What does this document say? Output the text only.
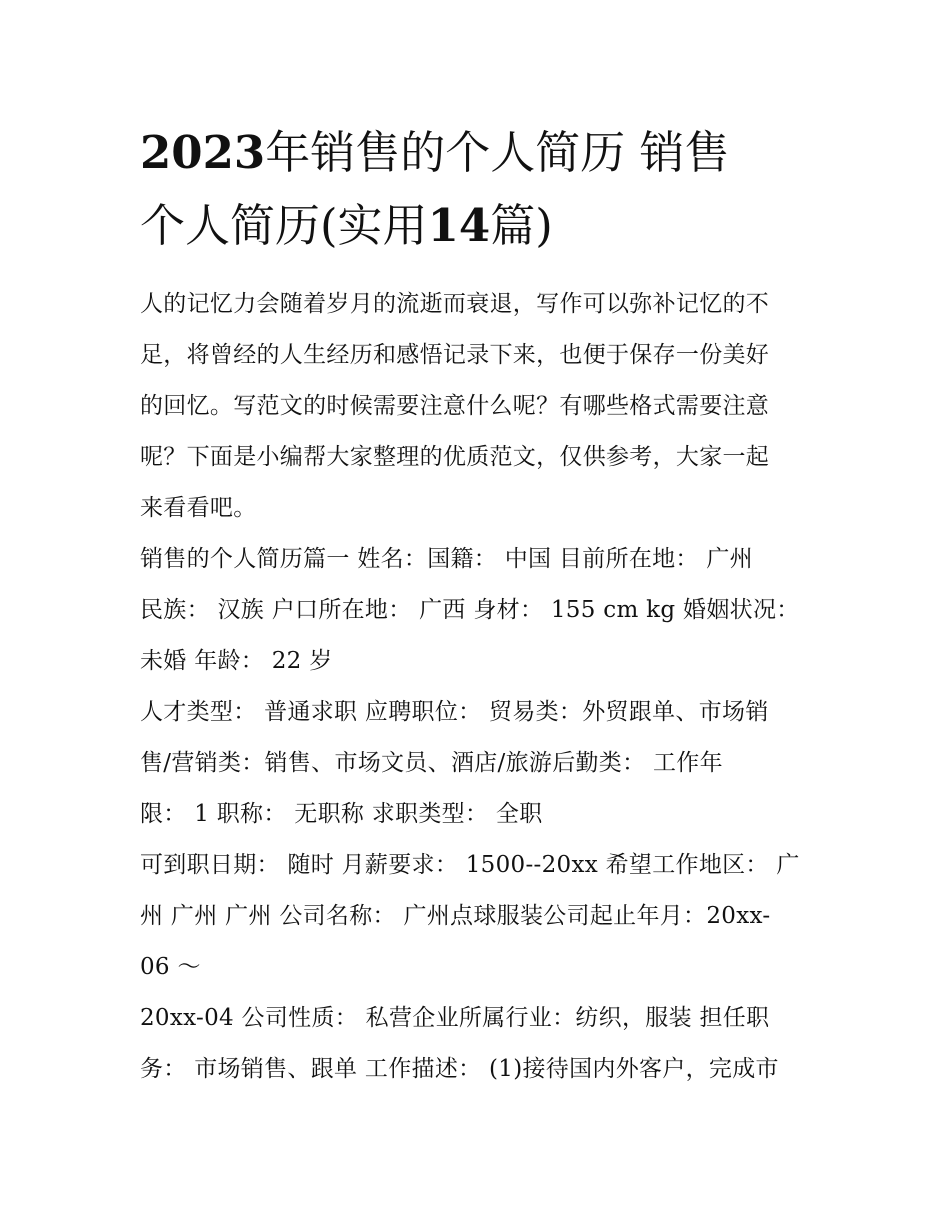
2023年销售的个人简历 销售
个人简历(实用14篇)
人的记忆力会随着岁月的流逝而衰退，写作可以弥补记忆的不
足，将曾经的人生经历和感悟记录下来，也便于保存一份美好
的回忆。写范文的时候需要注意什么呢？有哪些格式需要注意
呢？下面是小编帮大家整理的优质范文，仅供参考，大家一起
来看看吧。
销售的个人简历篇一 姓名：国籍： 中国 目前所在地： 广州
民族： 汉族 户口所在地： 广西 身材： 155 cm kg 婚姻状况：
未婚 年龄： 22 岁
人才类型： 普通求职 应聘职位： 贸易类：外贸跟单、市场销
售/营销类：销售、市场文员、酒店/旅游后勤类： 工作年
限： 1 职称： 无职称 求职类型： 全职
可到职日期： 随时 月薪要求： 1500--20xx 希望工作地区： 广
州 广州 广州 公司名称： 广州点球服装公司起止年月：20xx-
06 ～
20xx-04 公司性质： 私营企业所属行业：纺织，服装 担任职
务： 市场销售、跟单 工作描述： (1)接待国内外客户，完成市
